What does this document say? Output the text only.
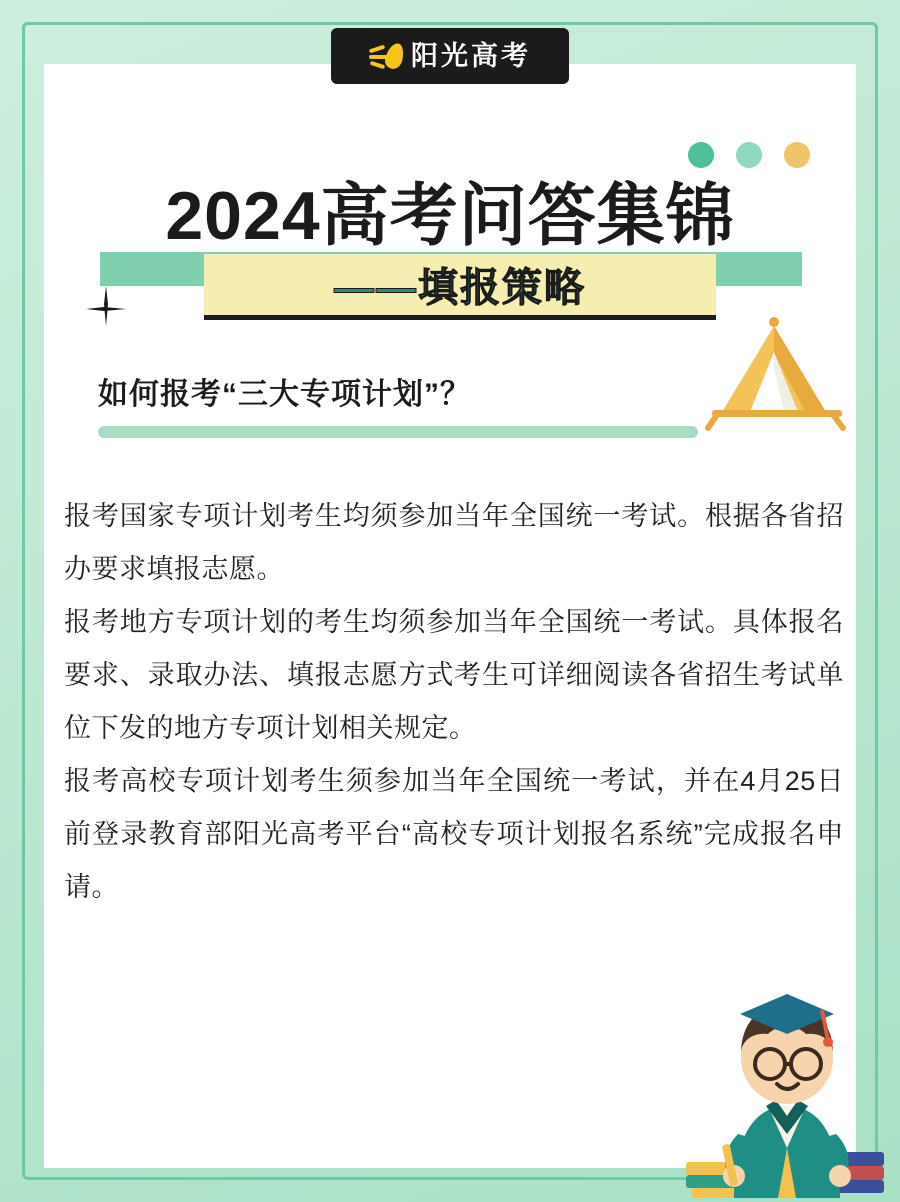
2024高考问答集锦
——填报策略
如何报考“三大专项计划”？

报考国家专项计划考生均须参加当年全国统一考试。根据各省招办要求填报志愿。

报考地方专项计划的考生均须参加当年全国统一考试。具体报名要求、录取办法、填报志愿方式考生可详细阅读各省招生考试单位下发的地方专项计划相关规定。

报考高校专项计划考生须参加当年全国统一考试，并在4月25日前登录教育部阳光高考平台“高校专项计划报名系统”完成报名申请。

阳光高考
